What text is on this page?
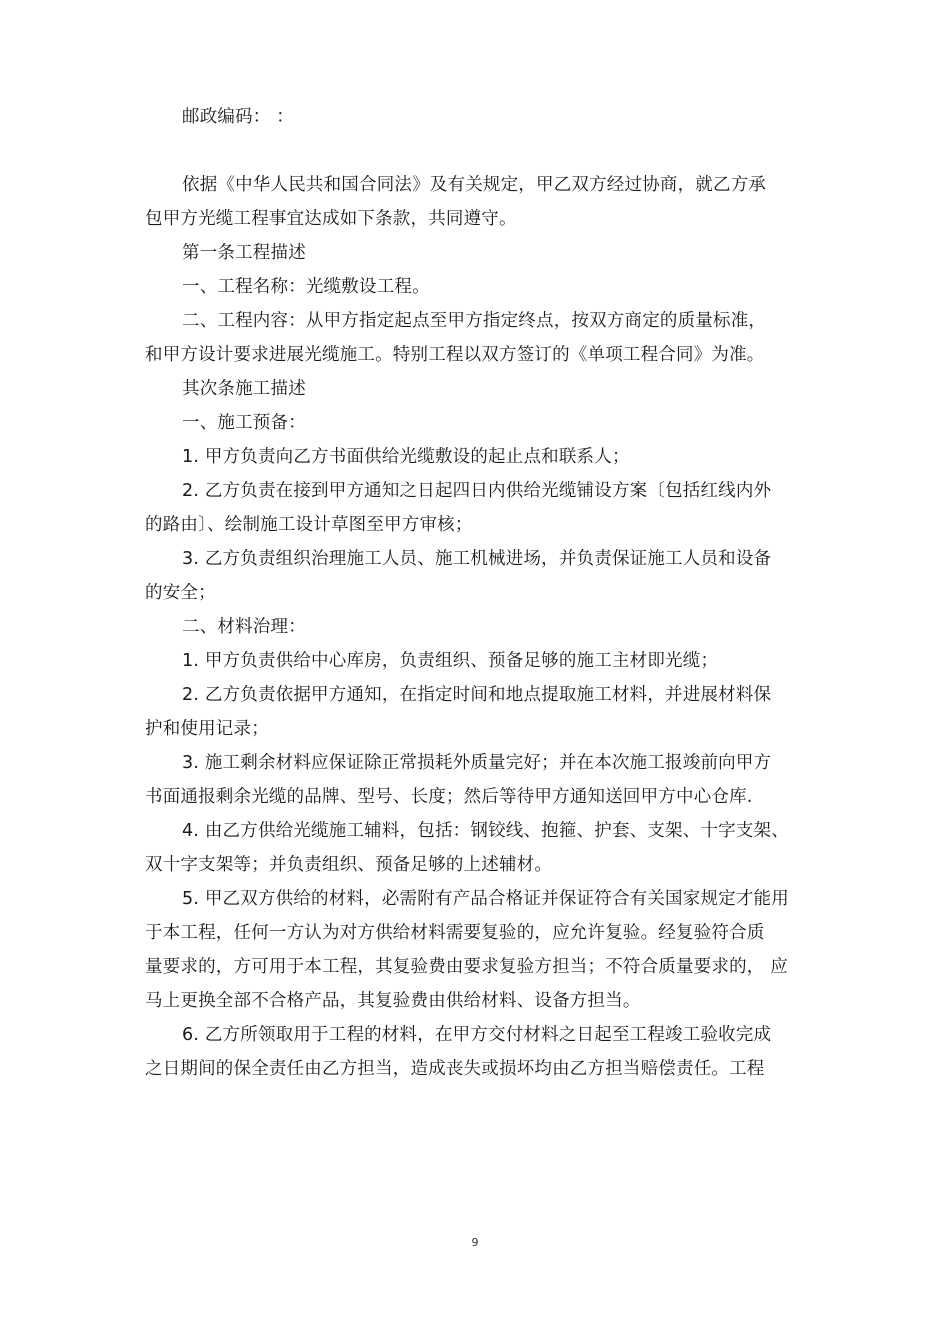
邮政编码： ：
依据《中华人民共和国合同法》及有关规定，甲乙双方经过协商，就乙方承
包甲方光缆工程事宜达成如下条款，共同遵守。
第一条工程描述
一、工程名称：光缆敷设工程。
二、工程内容：从甲方指定起点至甲方指定终点，按双方商定的质量标准，
和甲方设计要求进展光缆施工。特别工程以双方签订的《单项工程合同》为准。
其次条施工描述
一、施工预备：
1. 甲方负责向乙方书面供给光缆敷设的起止点和联系人；
2. 乙方负责在接到甲方通知之日起四日内供给光缆铺设方案〔包括红线内外
的路由〕、绘制施工设计草图至甲方审核；
3. 乙方负责组织治理施工人员、施工机械进场，并负责保证施工人员和设备
的安全；
二、材料治理：
1. 甲方负责供给中心库房，负责组织、预备足够的施工主材即光缆；
2. 乙方负责依据甲方通知，在指定时间和地点提取施工材料，并进展材料保
护和使用记录；
3. 施工剩余材料应保证除正常损耗外质量完好；并在本次施工报竣前向甲方
书面通报剩余光缆的品牌、型号、长度；然后等待甲方通知送回甲方中心仓库.
4. 由乙方供给光缆施工辅料，包括：钢铰线、抱箍、护套、支架、十字支架、
双十字支架等；并负责组织、预备足够的上述辅材。
5. 甲乙双方供给的材料，必需附有产品合格证并保证符合有关国家规定才能用
于本工程，任何一方认为对方供给材料需要复验的，应允许复验。经复验符合质
量要求的，方可用于本工程，其复验费由要求复验方担当；不符合质量要求的， 应
马上更换全部不合格产品，其复验费由供给材料、设备方担当。
6. 乙方所领取用于工程的材料，在甲方交付材料之日起至工程竣工验收完成
之日期间的保全责任由乙方担当，造成丧失或损坏均由乙方担当赔偿责任。工程
9
